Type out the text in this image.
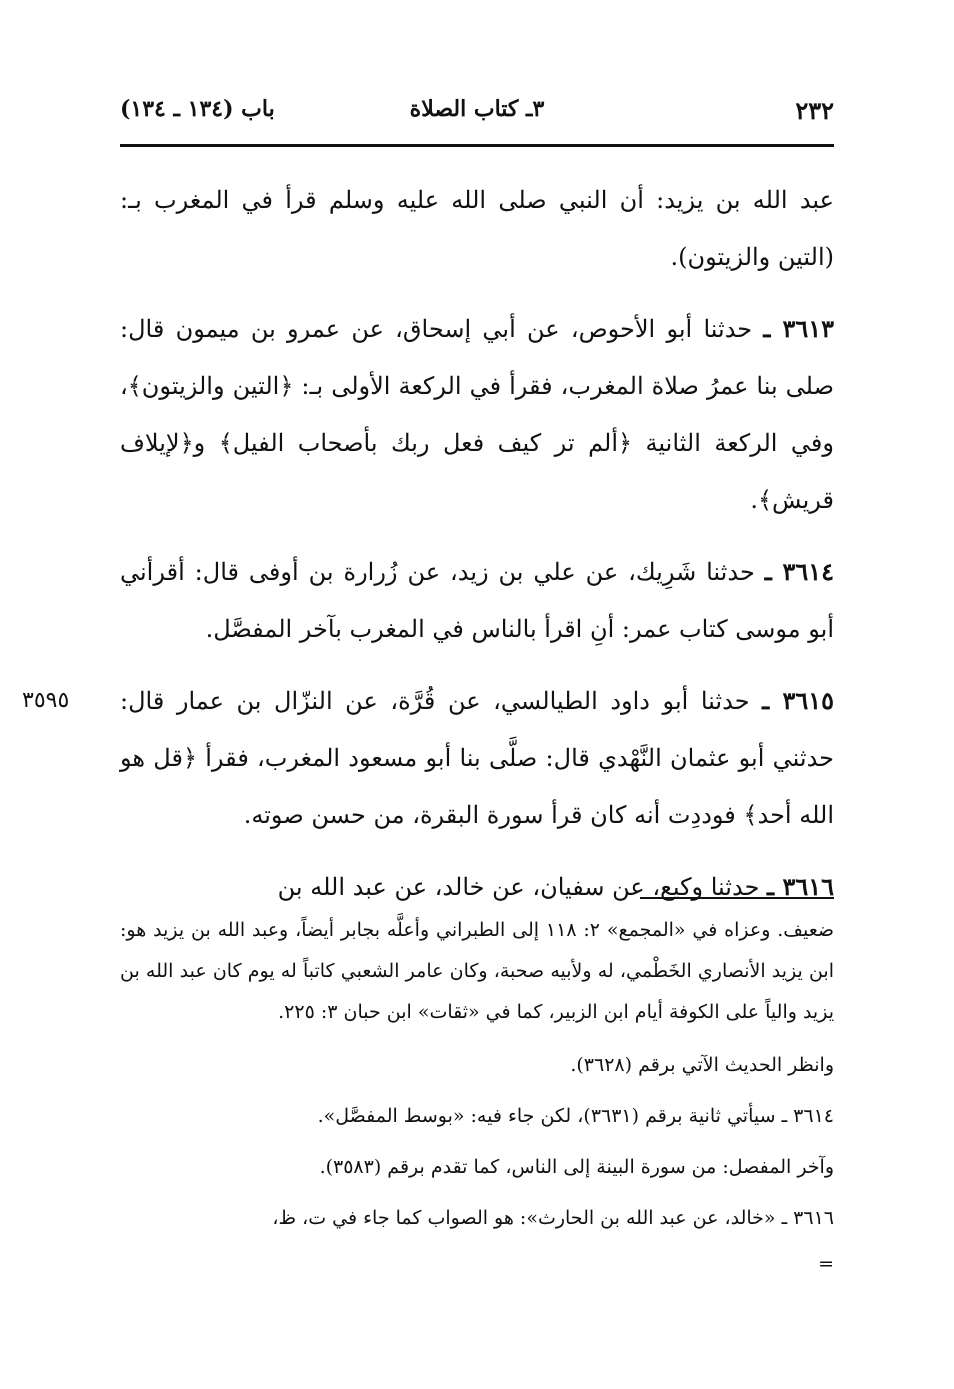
٢٣٢
٣ـ كتاب الصلاة
باب (١٣٤ ـ ١٣٤)

عبد الله بن يزيد: أن النبي صلى الله عليه وسلم قرأ في المغرب بـ: (التين والزيتون).

٣٦١٣ ـ حدثنا أبو الأحوص، عن أبي إسحاق، عن عمرو بن ميمون قال: صلى بنا عمرُ صلاة المغرب، فقرأ في الركعة الأولى بـ: ﴿التين والزيتون﴾، وفي الركعة الثانية ﴿ألم تر كيف فعل ربك بأصحاب الفيل﴾ و﴿لإيلاف قريش﴾.

٣٦١٤ ـ حدثنا شَرِيك، عن علي بن زيد، عن زُرارة بن أوفى قال: أقرأني أبو موسى كتاب عمر: أنِ اقرأ بالناس في المغرب بآخر المفصَّل.

٣٥٩٥	٣٦١٥ ـ حدثنا أبو داود الطيالسي، عن قُرَّة، عن النزّال بن عمار قال: حدثني أبو عثمان النَّهْدي قال: صلَّى بنا أبو مسعود المغرب، فقرأ ﴿قل هو الله أحد﴾ فوددِت أنه كان قرأ سورة البقرة، من حسن صوته.

٣٦١٦ ـ حدثنا وكيع، عن سفيان، عن خالد، عن عبد الله بن

ضعيف. وعزاه في «المجمع» ٢: ١١٨ إلى الطبراني وأعلَّه بجابر أيضاً، وعبد الله بن يزيد هو: ابن يزيد الأنصاري الخَطْمي، له ولأبيه صحبة، وكان عامر الشعبي كاتباً له يوم كان عبد الله بن يزيد والياً على الكوفة أيام ابن الزبير، كما في «ثقات» ابن حبان ٣: ٢٢٥.

وانظر الحديث الآتي برقم (٣٦٢٨).

٣٦١٤ ـ سيأتي ثانية برقم (٣٦٣١)، لكن جاء فيه: «بوسط المفصَّل».

وآخر المفصل: من سورة البينة إلى الناس، كما تقدم برقم (٣٥٨٣).

٣٦١٦ ـ «خالد، عن عبد الله بن الحارث»: هو الصواب كما جاء في ت، ظ،

=
